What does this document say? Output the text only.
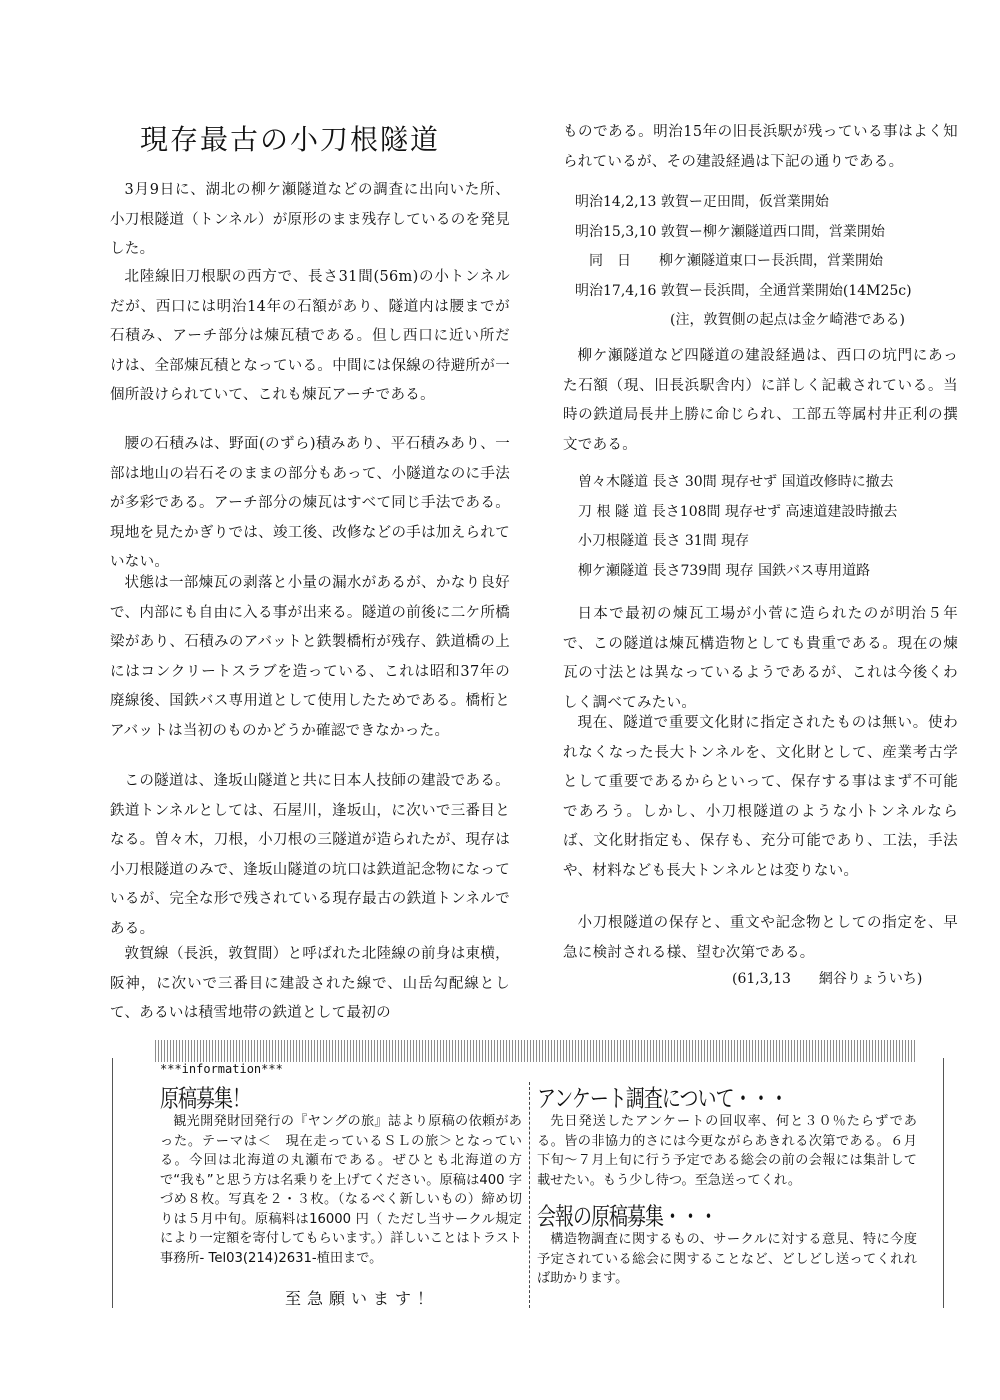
現存最古の小刀根隧道

3月9日に、湖北の柳ケ瀬隧道などの調査に出向いた所、小刀根隧道（トンネル）が原形のまま残存しているのを発見した。

北陸線旧刀根駅の西方で、長さ31間(56m)の小トンネルだが、西口には明治14年の石額があり、隧道内は腰までが石積み、アーチ部分は煉瓦積である。但し西口に近い所だけは、全部煉瓦積となっている。中間には保線の待避所が一個所設けられていて、これも煉瓦アーチである。

腰の石積みは、野面(のずら)積みあり、平石積みあり、一部は地山の岩石そのままの部分もあって、小隧道なのに手法が多彩である。アーチ部分の煉瓦はすべて同じ手法である。現地を見たかぎりでは、竣工後、改修などの手は加えられていない。

状態は一部煉瓦の剥落と小量の漏水があるが、かなり良好で、内部にも自由に入る事が出来る。隧道の前後に二ケ所橋梁があり、石積みのアバットと鉄製橋桁が残存、鉄道橋の上にはコンクリートスラブを造っている、これは昭和37年の廃線後、国鉄バス専用道として使用したためである。橋桁とアバットは当初のものかどうか確認できなかった。

この隧道は、逢坂山隧道と共に日本人技師の建設である。鉄道トンネルとしては、石屋川，逢坂山，に次いで三番目となる。曽々木，刀根，小刀根の三隧道が造られたが、現存は小刀根隧道のみで、逢坂山隧道の坑口は鉄道記念物になっているが、完全な形で残されている現存最古の鉄道トンネルである。

敦賀線（長浜，敦賀間）と呼ばれた北陸線の前身は東横，阪神，に次いで三番目に建設された線で、山岳勾配線として、あるいは積雪地帯の鉄道として最初の

ものである。明治15年の旧長浜駅が残っている事はよく知られているが、その建設経過は下記の通りである。

明治14,2,13 敦賀ー疋田間，仮営業開始
明治15,3,10 敦賀ー柳ケ瀬隧道西口間，営業開始
　同　日　　柳ケ瀬隧道東口ー長浜間，営業開始
明治17,4,16 敦賀ー長浜間，全通営業開始(14M25c)
(注，敦賀側の起点は金ケ崎港である)

柳ケ瀬隧道など四隧道の建設経過は、西口の坑門にあった石額（現、旧長浜駅舎内）に詳しく記載されている。当時の鉄道局長井上勝に命じられ、工部五等属村井正利の撰文である。

曽々木隧道 長さ 30間 現存せず 国道改修時に撤去
刀 根 隧 道 長さ108間 現存せず 高速道建設時撤去
小刀根隧道 長さ 31間 現存
柳ケ瀬隧道 長さ739間 現存 国鉄バス専用道路

日本で最初の煉瓦工場が小菅に造られたのが明治５年で、この隧道は煉瓦構造物としても貴重である。現在の煉瓦の寸法とは異なっているようであるが、これは今後くわしく調べてみたい。

現在、隧道で重要文化財に指定されたものは無い。使われなくなった長大トンネルを、文化財として、産業考古学として重要であるからといって、保存する事はまず不可能であろう。しかし、小刀根隧道のような小トンネルならば、文化財指定も、保存も、充分可能であり、工法，手法や、材料なども長大トンネルとは変りない。

小刀根隧道の保存と、重文や記念物としての指定を、早急に検討される様、望む次第である。

(61,3,13　　網谷りょういち)
***information***
原稿募集！

観光開発財団発行の『ヤングの旅』誌より原稿の依頼があった。テーマは＜　現在走っているＳＬの旅＞となっている。今回は北海道の丸瀬布である。ぜひとも北海道の方で“我も”と思う方は名乗りを上げてください。原稿は400 字づめ８枚。写真を２・３枚。（なるべく新しいもの）締め切りは５月中旬。原稿料は16000 円（ ただし当サークル規定により一定額を寄付してもらいます。）詳しいことはトラスト事務所- Tel03(214)2631-植田まで。

至急願います！
アンケート調査について・・・

先日発送したアンケートの回収率、何と３０％たらずである。皆の非協力的さには今更ながらあきれる次第である。６月下旬～７月上旬に行う予定である総会の前の会報には集計して載せたい。もう少し待つ。至急送ってくれ。

会報の原稿募集・・・

構造物調査に関するもの、サークルに対する意見、特に今度予定されている総会に関することなど、どしどし送ってくれれば助かります。
